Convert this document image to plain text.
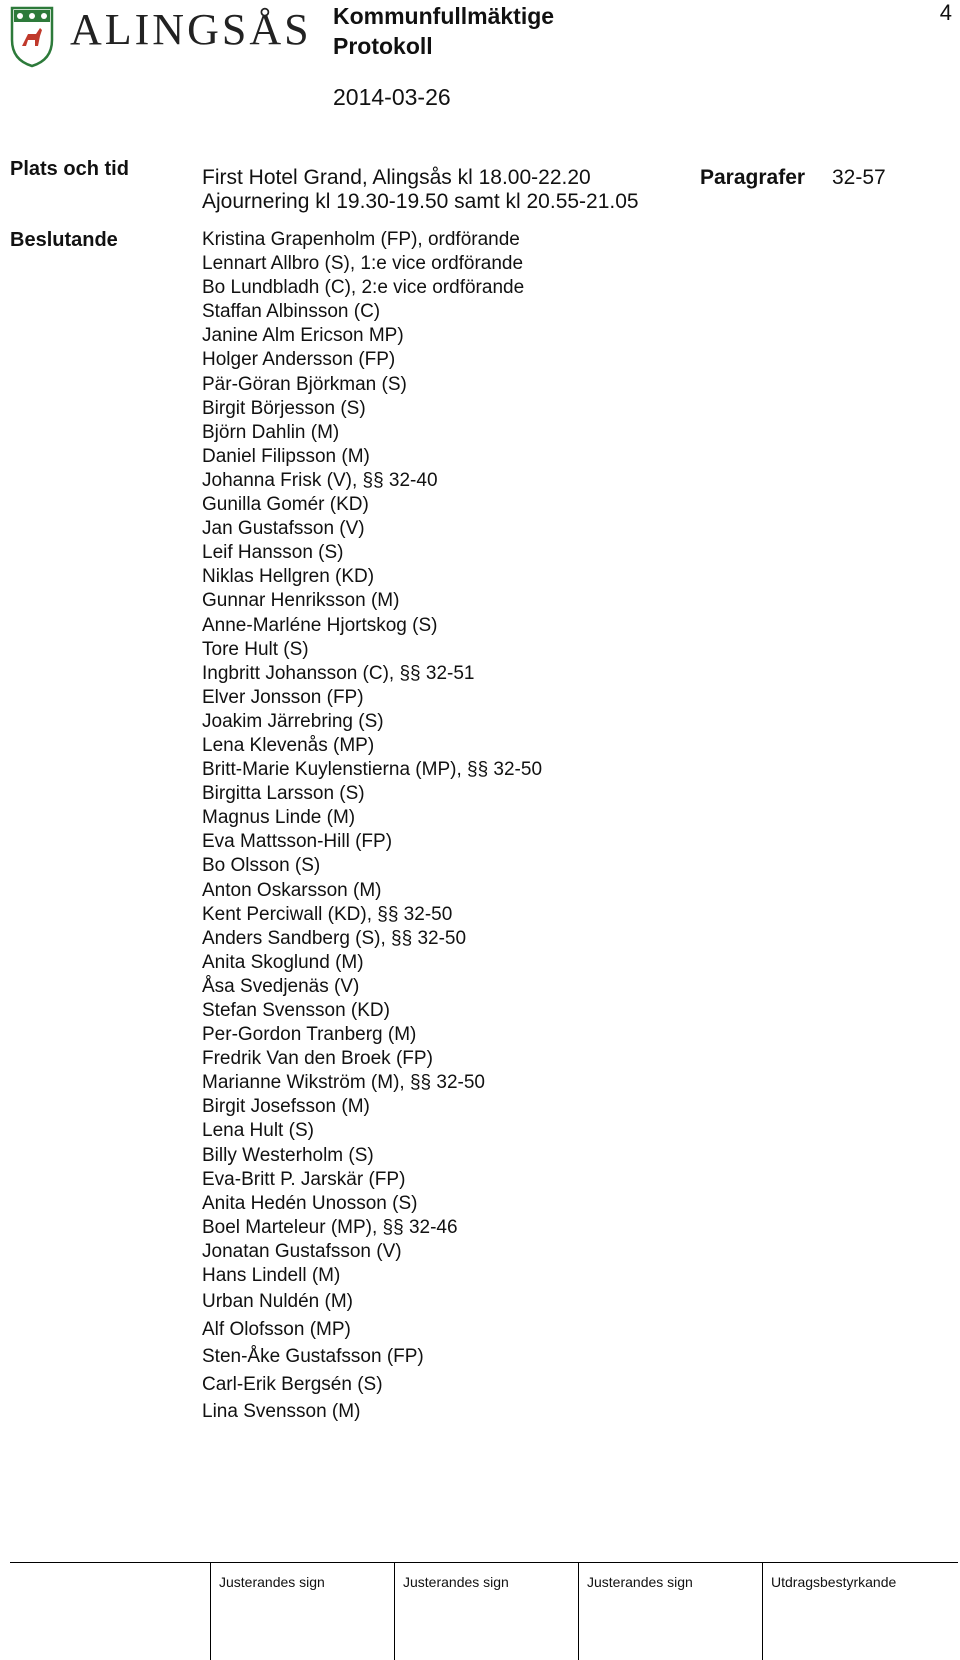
ALINGSÅS Kommunfullmäktige
Protokoll
4
2014-03-26
Plats och tid	First Hotel Grand, Alingsås kl 18.00-22.20
Ajournering kl 19.30-19.50 samt kl 20.55-21.05
Paragrafer 32-57
Beslutande	Kristina Grapenholm (FP), ordförande
Lennart Allbro (S), 1:e vice ordförande
Bo Lundbladh (C), 2:e vice ordförande
Staffan Albinsson (C)
Janine Alm Ericson MP)
Holger Andersson (FP)
Pär-Göran Björkman (S)
Birgit Börjesson (S)
Björn Dahlin (M)
Daniel Filipsson (M)
Johanna Frisk (V), §§ 32-40
Gunilla Gomér (KD)
Jan Gustafsson (V)
Leif Hansson (S)
Niklas Hellgren (KD)
Gunnar Henriksson (M)
Anne-Marléne Hjortskog (S)
Tore Hult (S)
Ingbritt Johansson (C), §§ 32-51
Elver Jonsson (FP)
Joakim Järrebring (S)
Lena Klevenås (MP)
Britt-Marie Kuylenstierna (MP), §§ 32-50
Birgitta Larsson (S)
Magnus Linde (M)
Eva Mattsson-Hill (FP)
Bo Olsson (S)
Anton Oskarsson (M)
Kent Perciwall (KD), §§ 32-50
Anders Sandberg (S), §§ 32-50
Anita Skoglund (M)
Åsa Svedjenäs (V)
Stefan Svensson (KD)
Per-Gordon Tranberg (M)
Fredrik Van den Broek (FP)
Marianne Wikström (M), §§ 32-50
Birgit Josefsson (M)
Lena Hult (S)
Billy Westerholm (S)
Eva-Britt P. Jarskär (FP)
Anita Hedén Unosson (S)
Boel Marteleur (MP), §§ 32-46
Jonatan Gustafsson (V)
Hans Lindell (M)
Urban Nuldén (M)
Alf Olofsson (MP)
Sten-Åke Gustafsson (FP)
Carl-Erik Bergsén (S)
Lina Svensson (M)
Justerandes sign	Justerandes sign	Justerandes sign	Utdragsbestyrkande
